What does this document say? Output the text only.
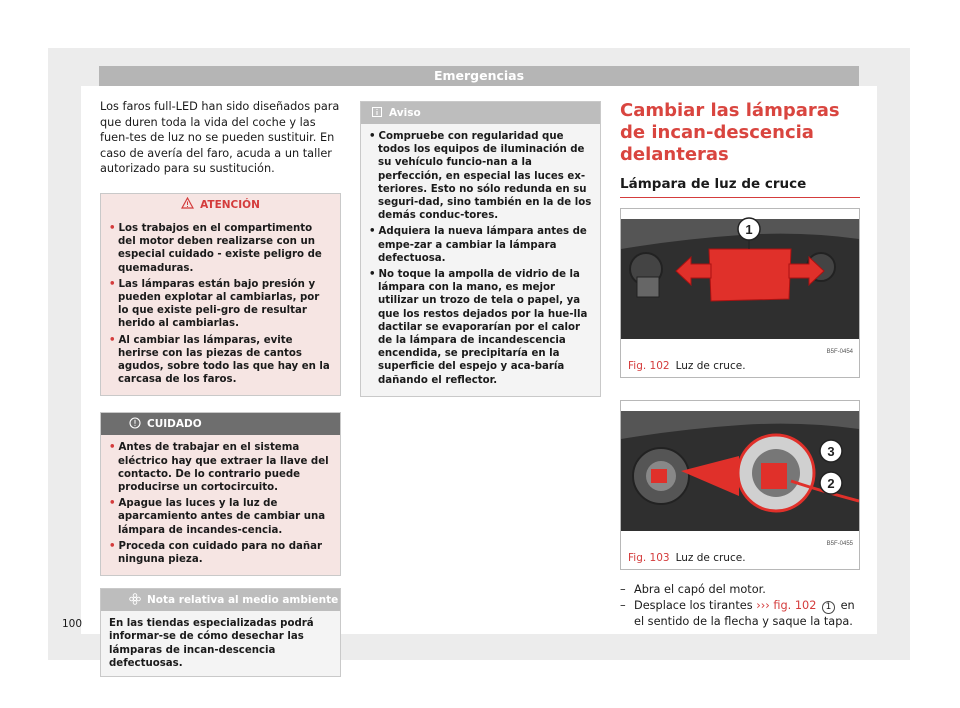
Emergencias

Los faros full-LED han sido diseñados para que duren toda la vida del coche y las fuen-tes de luz no se pueden sustituir. En caso de avería del faro, acuda a un taller autorizado para su sustitución.

ATENCIÓN
• Los trabajos en el compartimento del motor deben realizarse con un especial cuidado - existe peligro de quemaduras.
• Las lámparas están bajo presión y pueden explotar al cambiarlas, por lo que existe peli-gro de resultar herido al cambiarlas.
• Al cambiar las lámparas, evite herirse con las piezas de cantos agudos, sobre todo las que hay en la carcasa de los faros.
CUIDADO
• Antes de trabajar en el sistema eléctrico hay que extraer la llave del contacto. De lo contrario puede producirse un cortocircuito.
• Apague las luces y la luz de aparcamiento antes de cambiar una lámpara de incandes-cencia.
• Proceda con cuidado para no dañar ninguna pieza.
Nota relativa al medio ambiente

En las tiendas especializadas podrá informar-se de cómo desechar las lámparas de incan-descencia defectuosas.

Aviso
• Compruebe con regularidad que todos los equipos de iluminación de su vehículo funcio-nan a la perfección, en especial las luces ex-teriores. Esto no sólo redunda en su seguri-dad, sino también en la de los demás conduc-tores.
• Adquiera la nueva lámpara antes de empe-zar a cambiar la lámpara defectuosa.
• No toque la ampolla de vidrio de la lámpara con la mano, es mejor utilizar un trozo de tela o papel, ya que los restos dejados por la hue-lla dactilar se evaporarían por el calor de la lámpara de incandescencia encendida, se precipitaría en la superficie del espejo y aca-baría dañando el reflector.
Cambiar las lámparas de incan-descencia delanteras
Lámpara de luz de cruce
1
B5F-0454
Fig. 102 Luz de cruce.
3
2
B5F-0455
Fig. 103 Luz de cruce.
– Abra el capó del motor.
– Desplace los tirantes ››› fig. 102 1 en el sentido de la flecha y saque la tapa.
100
